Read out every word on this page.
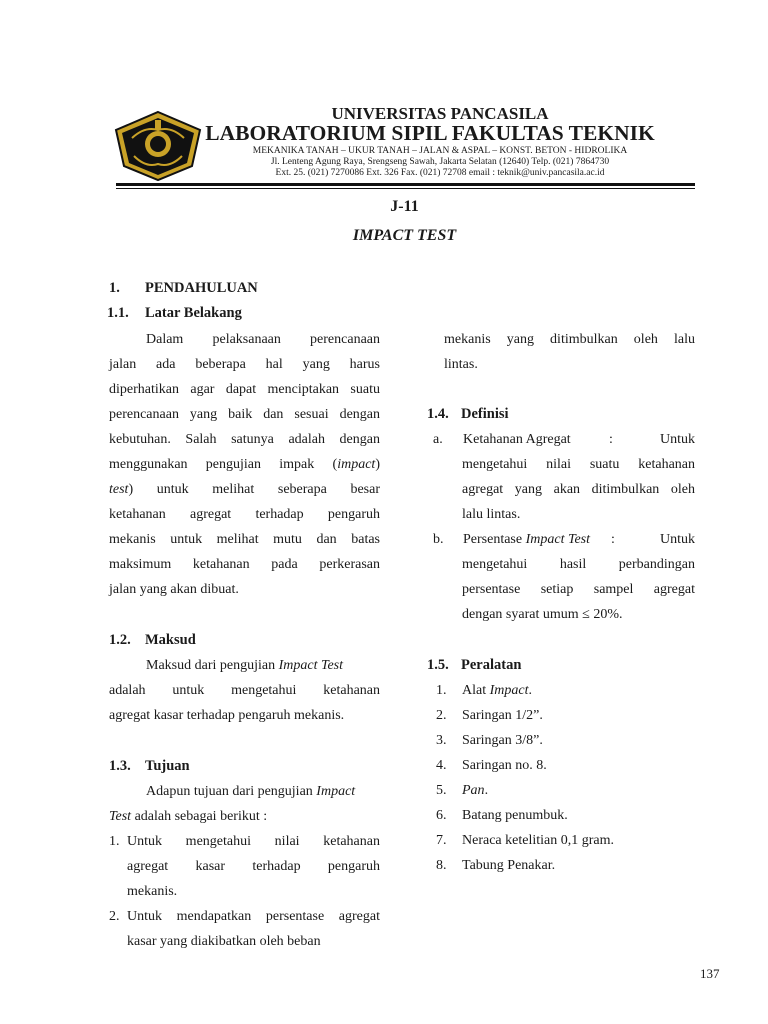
UNIVERSITAS PANCASILA
LABORATORIUM SIPIL FAKULTAS TEKNIK
MEKANIKA TANAH – UKUR TANAH – JALAN & ASPAL – KONST. BETON - HIDROLIKA
Jl. Lenteng Agung Raya, Srengseng Sawah, Jakarta Selatan (12640) Telp. (021) 7864730
Ext. 25. (021) 7270086 Ext. 326 Fax. (021) 72708 email : teknik@univ.pancasila.ac.id
J-11
IMPACT TEST
1. PENDAHULUAN
1.1. Latar Belakang
Dalam pelaksanaan perencanaan
jalan ada beberapa hal yang harus
diperhatikan agar dapat menciptakan suatu
perencanaan yang baik dan sesuai dengan
kebutuhan. Salah satunya adalah dengan
menggunakan pengujian impak (impact)
test) untuk melihat seberapa besar
ketahanan agregat terhadap pengaruh
mekanis untuk melihat mutu dan batas
maksimum ketahanan pada perkerasan
jalan yang akan dibuat.
1.2. Maksud
Maksud dari pengujian Impact Test
adalah untuk mengetahui ketahanan
agregat kasar terhadap pengaruh mekanis.
1.3. Tujuan
Adapun tujuan dari pengujian Impact
Test adalah sebagai berikut :
1. Untuk mengetahui nilai ketahanan
agregat kasar terhadap pengaruh
mekanis.
2. Untuk mendapatkan persentase agregat
kasar yang diakibatkan oleh beban
mekanis yang ditimbulkan oleh lalu
lintas.
1.4. Definisi
a. Ketahanan Agregat	:	Untuk
mengetahui nilai suatu ketahanan
agregat yang akan ditimbulkan oleh
lalu lintas.
b. Persentase Impact Test :	Untuk
mengetahui hasil perbandingan
persentase setiap sampel agregat
dengan syarat umum ≤ 20%.
1.5. Peralatan
1. Alat Impact.
2. Saringan 1/2”.
3. Saringan 3/8”.
4. Saringan no. 8.
5. Pan.
6. Batang penumbuk.
7. Neraca ketelitian 0,1 gram.
8. Tabung Penakar.
137
